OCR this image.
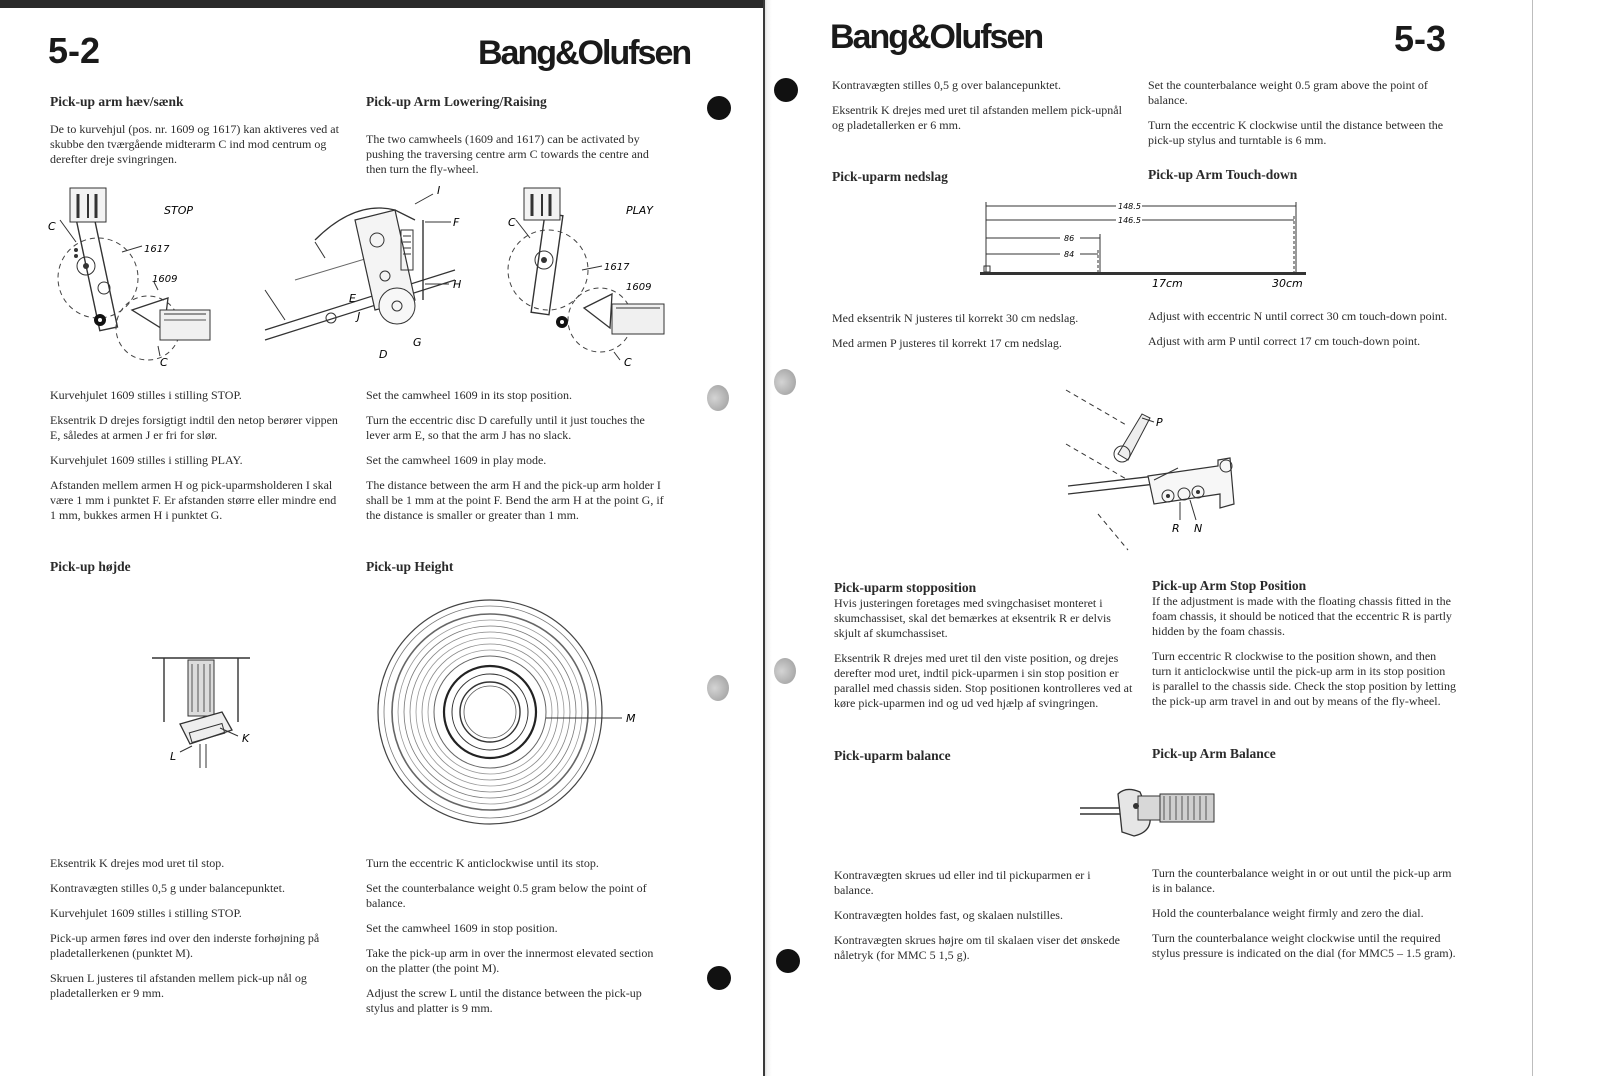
5-2	Bang&Olufsen
Pick-up arm hæv/sænk	Pick-up Arm Lowering/Raising
De to kurvehjul (pos. nr. 1609 og 1617) kan aktiveres ved at skubbe den tværgående midterarm C ind mod centrum og derefter dreje svingringen.
The two camwheels (1609 and 1617) can be activated by pushing the traversing centre arm C towards the centre and then turn the fly-wheel.
STOP
C
1617
1609
C
I
F
H
E
J
D
G
PLAY
C
1617
1609
C
Kurvehjulet 1609 stilles i stilling STOP.
Eksentrik D drejes forsigtigt indtil den netop berører vippen E, således at armen J er fri for slør.
Kurvehjulet 1609 stilles i stilling PLAY.
Afstanden mellem armen H og pick-uparmsholderen I skal være 1 mm i punktet F. Er afstanden større eller mindre end 1 mm, bukkes armen H i punktet G.
Set the camwheel 1609 in its stop position.
Turn the eccentric disc D carefully until it just touches the lever arm E, so that the arm J has no slack.
Set the camwheel 1609 in play mode.
The distance between the arm H and the pick-up arm holder I shall be 1 mm at the point F. Bend the arm H at the point G, if the distance is smaller or greater than 1 mm.
Pick-up højde	Pick-up Height
K
L
M
Eksentrik K drejes mod uret til stop.
Kontravægten stilles 0,5 g under balancepunktet.
Kurvehjulet 1609 stilles i stilling STOP.
Pick-up armen føres ind over den inderste forhøjning på pladetallerkenen (punktet M).
Skruen L justeres til afstanden mellem pick-up nål og pladetallerken er 9 mm.
Turn the eccentric K anticlockwise until its stop.
Set the counterbalance weight 0.5 gram below the point of balance.
Set the camwheel 1609 in stop position.
Take the pick-up arm in over the innermost elevated section on the platter (the point M).
Adjust the screw L until the distance between the pick-up stylus and platter is 9 mm.
Bang&Olufsen	5-3
Kontravægten stilles 0,5 g over balancepunktet.
Eksentrik K drejes med uret til afstanden mellem pick-upnål og pladetallerken er 6 mm.
Set the counterbalance weight 0.5 gram above the point of balance.
Turn the eccentric K clockwise until the distance between the pick-up stylus and turntable is 6 mm.
Pick-uparm nedslag	Pick-up Arm Touch-down
148.5
146.5
86
84
17cm	30cm
Med eksentrik N justeres til korrekt 30 cm nedslag.
Med armen P justeres til korrekt 17 cm nedslag.
Adjust with eccentric N until correct 30 cm touch-down point.
Adjust with arm P until correct 17 cm touch-down point.
P
R N
Pick-uparm stopposition
Hvis justeringen foretages med svingchasiset monteret i skumchassiset, skal det bemærkes at eksentrik R er delvis skjult af skumchassiset.
Eksentrik R drejes med uret til den viste position, og drejes derefter mod uret, indtil pick-uparmen i sin stop position er parallel med chassis siden. Stop positionen kontrolleres ved at køre pick-uparmen ind og ud ved hjælp af svingringen.
Pick-up Arm Stop Position
If the adjustment is made with the floating chassis fitted in the foam chassis, it should be noticed that the eccentric R is partly hidden by the foam chassis.
Turn eccentric R clockwise to the position shown, and then turn it anticlockwise until the pick-up arm in its stop position is parallel to the chassis side. Check the stop position by letting the pick-up arm travel in and out by means of the fly-wheel.
Pick-uparm balance	Pick-up Arm Balance
Kontravægten skrues ud eller ind til pickuparmen er i balance.
Kontravægten holdes fast, og skalaen nulstilles.
Kontravægten skrues højre om til skalaen viser det ønskede nåletryk (for MMC 5 1,5 g).
Turn the counterbalance weight in or out until the pick-up arm is in balance.
Hold the counterbalance weight firmly and zero the dial.
Turn the counterbalance weight clockwise until the required stylus pressure is indicated on the dial (for MMC5 – 1.5 gram).
